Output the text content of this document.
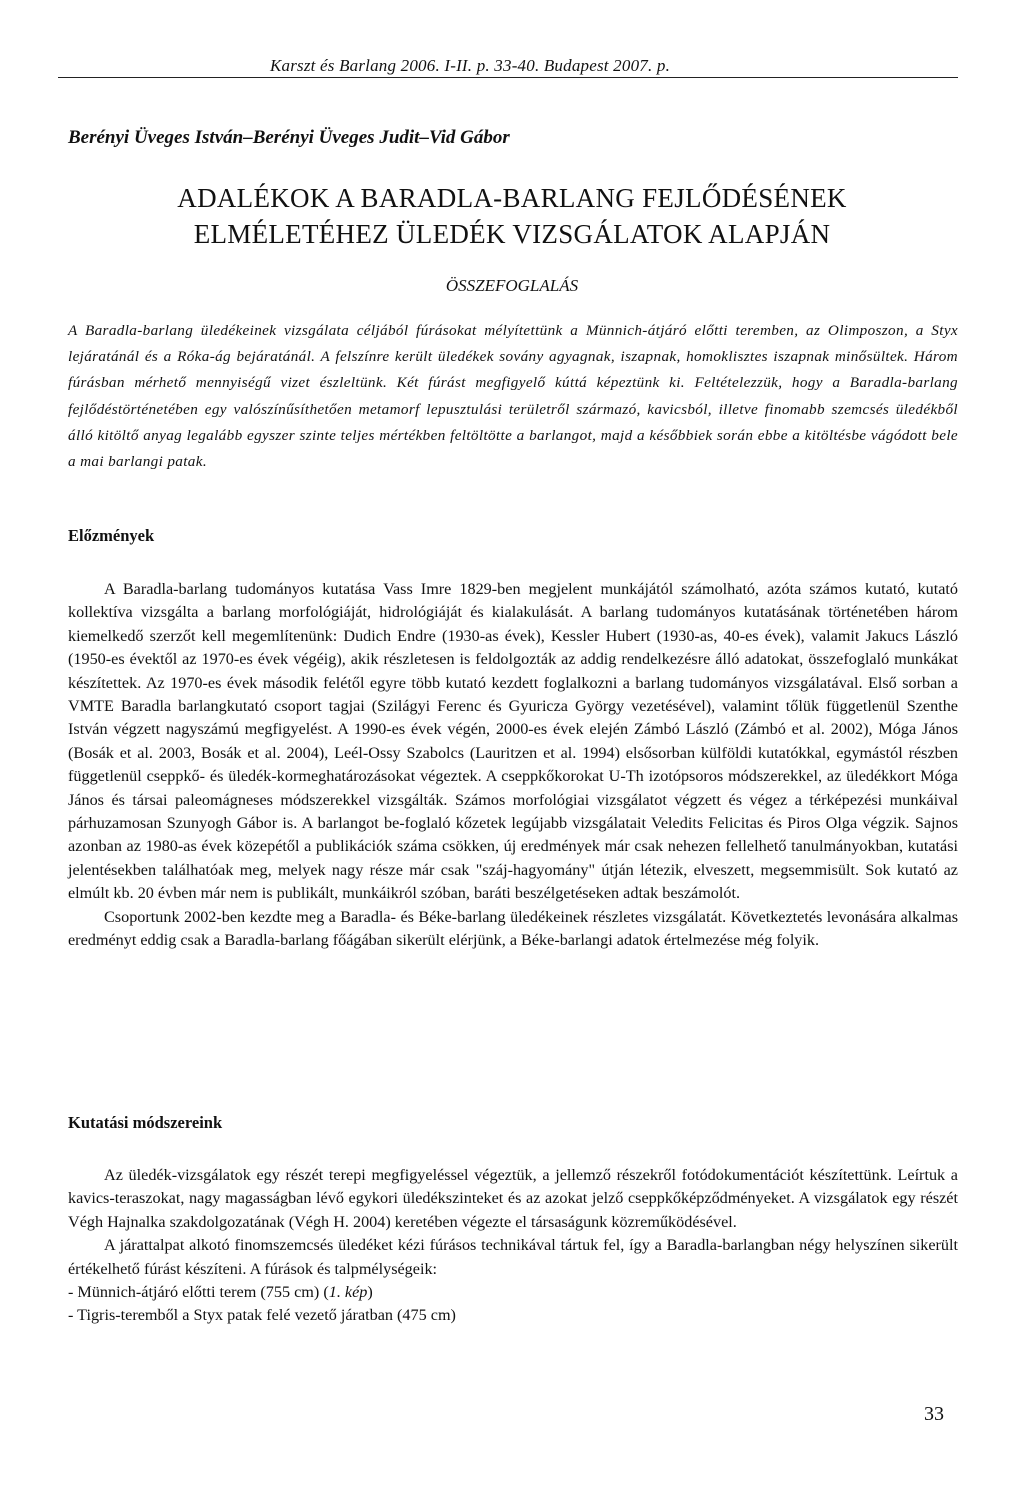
Karszt és Barlang 2006. I-II. p. 33-40. Budapest 2007. p.
Berényi Üveges István–Berényi Üveges Judit–Vid Gábor
ADALÉKOK A BARADLA-BARLANG FEJLŐDÉSÉNEK
ELMÉLETÉHEZ ÜLEDÉK VIZSGÁLATOK ALAPJÁN
ÖSSZEFOGLALÁS
A Baradla-barlang üledékeinek vizsgálata céljából fúrásokat mélyítettünk a Münnich-átjáró előtti teremben, az Olimposzon, a Styx lejáratánál és a Róka-ág bejáratánál. A felszínre került üledékek sovány agyagnak, iszapnak, homoklisztes iszapnak minősültek. Három fúrásban mérhető mennyiségű vizet észleltünk. Két fúrást megfigyelő kúttá képeztünk ki. Feltételezzük, hogy a Baradla-barlang fejlődéstörténetében egy valószínűsíthetően metamorf lepusztulási területről származó, kavicsból, illetve finomabb szemcsés üledékből álló kitöltő anyag legalább egyszer szinte teljes mértékben feltöltötte a barlangot, majd a későbbiek során ebbe a kitöltésbe vágódott bele a mai barlangi patak.
Előzmények

A Baradla-barlang tudományos kutatása Vass Imre 1829-ben megjelent munkájától számolható, azóta számos kutató, kutató kollektíva vizsgálta a barlang morfológiáját, hidrológiáját és kialakulását. A barlang tudományos kutatásának történetében három kiemelkedő szerzőt kell megemlítenünk: Dudich Endre (1930-as évek), Kessler Hubert (1930-as, 40-es évek), valamit Jakucs László (1950-es évektől az 1970-es évek végéig), akik részletesen is feldolgozták az addig rendelkezésre álló adatokat, összefoglaló munkákat készítettek. Az 1970-es évek második felétől egyre több kutató kezdett foglalkozni a barlang tudományos vizsgálatával. Első sorban a VMTE Baradla barlangkutató csoport tagjai (Szilágyi Ferenc és Gyuricza György vezetésével), valamint tőlük függetlenül Szenthe István végzett nagyszámú megfigyelést. A 1990-es évek végén, 2000-es évek elején Zámbó László (Zámbó et al. 2002), Móga János (Bosák et al. 2003, Bosák et al. 2004), Leél-Ossy Szabolcs (Lauritzen et al. 1994) elsősorban külföldi kutatókkal, egymástól részben függetlenül cseppkő- és üledék-kormeghatározásokat végeztek. A cseppkőkorokat U-Th izotópsoros módszerekkel, az üledékkort Móga János és társai paleomágneses módszerekkel vizsgálták. Számos morfológiai vizsgálatot végzett és végez a térképezési munkáival párhuzamosan Szunyogh Gábor is. A barlangot be-foglaló kőzetek legújabb vizsgálatait Veledits Felicitas és Piros Olga végzik. Sajnos azonban az 1980-as évek közepétől a publikációk száma csökken, új eredmények már csak nehezen fellelhető tanulmányokban, kutatási jelentésekben találhatóak meg, melyek nagy része már csak "száj-hagyomány" útján létezik, elveszett, megsemmisült. Sok kutató az elmúlt kb. 20 évben már nem is publikált, munkáikról szóban, baráti beszélgetéseken adtak beszámolót.

Csoportunk 2002-ben kezdte meg a Baradla- és Béke-barlang üledékeinek részletes vizsgálatát. Következtetés levonására alkalmas eredményt eddig csak a Baradla-barlang főágában sikerült elérjünk, a Béke-barlangi adatok értelmezése még folyik.

Kutatási módszereink

Az üledék-vizsgálatok egy részét terepi megfigyeléssel végeztük, a jellemző részekről fotódokumentációt készítettünk. Leírtuk a kavics-teraszokat, nagy magasságban lévő egykori üledékszinteket és az azokat jelző cseppkőképződményeket. A vizsgálatok egy részét Végh Hajnalka szakdolgozatának (Végh H. 2004) keretében végezte el társaságunk közreműködésével.

A járattalpat alkotó finomszemcsés üledéket kézi fúrásos technikával tártuk fel, így a Baradla-barlangban négy helyszínen sikerült értékelhető fúrást készíteni. A fúrások és talpmélységeik:

- Münnich-átjáró előtti terem (755 cm) (1. kép)

- Tigris-teremből a Styx patak felé vezető járatban (475 cm)

33
